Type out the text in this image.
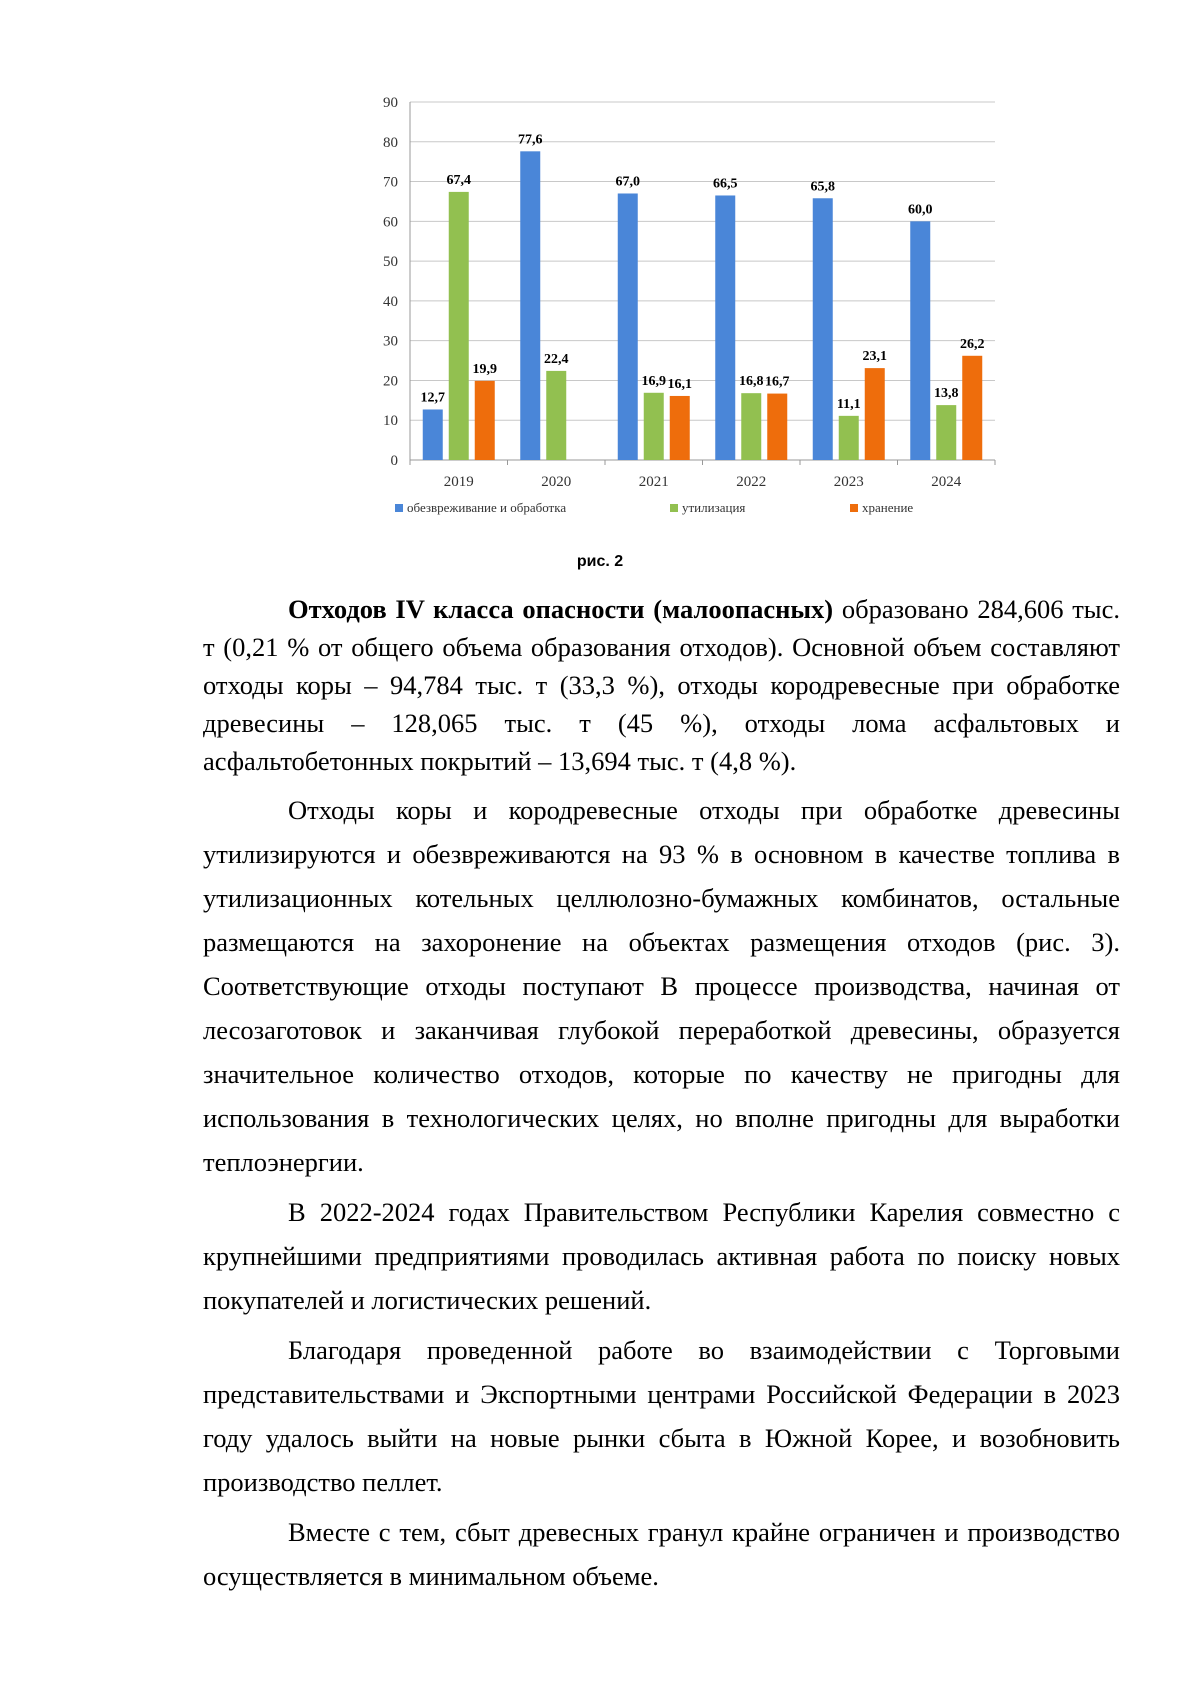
0
10
20
30
40
50
60
70
80
90
2019
12,7
67,4
19,9
2020
77,6
22,4
2021
67,0
16,9 16,1
2022
66,5
16,8 16,7
2023
65,8
11,1
23,1
2024
60,0
13,8
26,2
обезвреживание и обработка	утилизация	хранение
рис. 2

Отходов IV класса опасности (малоопасных) образовано 284,606 тыс. т (0,21 % от общего объема образования отходов). Основной объем составляют отходы коры – 94,784 тыс. т (33,3 %), отходы кородревесные при обработке древесины – 128,065 тыс. т (45 %), отходы лома асфальтовых и асфальтобетонных покрытий – 13,694 тыс. т (4,8 %).

Отходы коры и кородревесные отходы при обработке древесины утилизируются и обезвреживаются на 93 % в основном в качестве топлива в утилизационных котельных целлюлозно-бумажных комбинатов, остальные размещаются на захоронение на объектах размещения отходов (рис. 3). Соответствующие отходы поступают В процессе производства, начиная от лесозаготовок и заканчивая глубокой переработкой древесины, образуется значительное количество отходов, которые по качеству не пригодны для использования в технологических целях, но вполне пригодны для выработки теплоэнергии.

В 2022-2024 годах Правительством Республики Карелия совместно с крупнейшими предприятиями проводилась активная работа по поиску новых покупателей и логистических решений.

Благодаря проведенной работе во взаимодействии с Торговыми представительствами и Экспортными центрами Российской Федерации в 2023 году удалось выйти на новые рынки сбыта в Южной Корее, и возобновить производство пеллет.

Вместе с тем, сбыт древесных гранул крайне ограничен и производство осуществляется в минимальном объеме.
